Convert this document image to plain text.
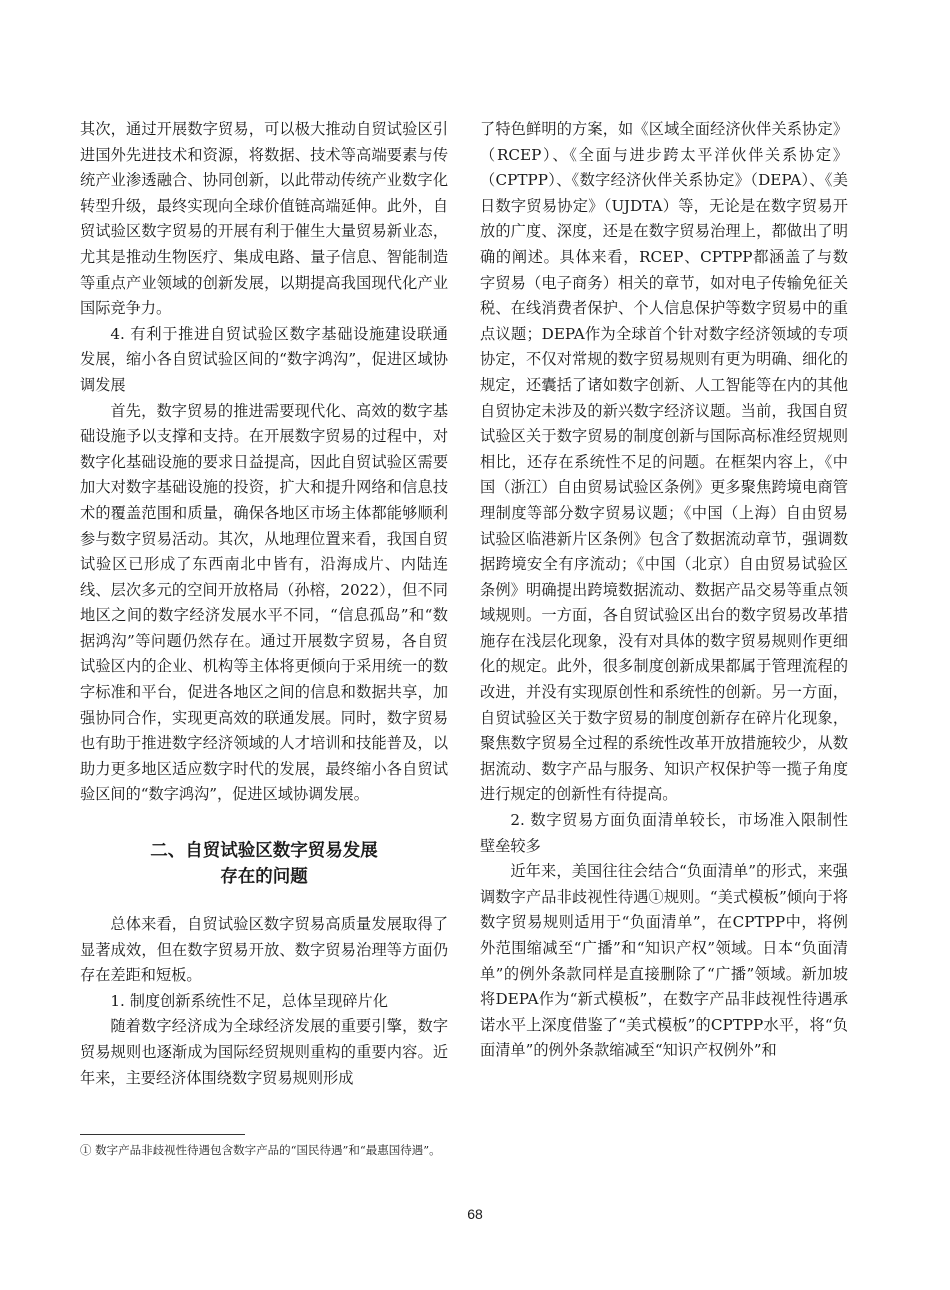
其次，通过开展数字贸易，可以极大推动自贸试验区引进国外先进技术和资源，将数据、技术等高端要素与传统产业渗透融合、协同创新，以此带动传统产业数字化转型升级，最终实现向全球价值链高端延伸。此外，自贸试验区数字贸易的开展有利于催生大量贸易新业态，尤其是推动生物医疗、集成电路、量子信息、智能制造等重点产业领域的创新发展，以期提高我国现代化产业国际竞争力。

4. 有利于推进自贸试验区数字基础设施建设联通发展，缩小各自贸试验区间的“数字鸿沟”，促进区域协调发展

首先，数字贸易的推进需要现代化、高效的数字基础设施予以支撑和支持。在开展数字贸易的过程中，对数字化基础设施的要求日益提高，因此自贸试验区需要加大对数字基础设施的投资，扩大和提升网络和信息技术的覆盖范围和质量，确保各地区市场主体都能够顺利参与数字贸易活动。其次，从地理位置来看，我国自贸试验区已形成了东西南北中皆有，沿海成片、内陆连线、层次多元的空间开放格局（孙榕，2022），但不同地区之间的数字经济发展水平不同，“信息孤岛”和“数据鸿沟”等问题仍然存在。通过开展数字贸易，各自贸试验区内的企业、机构等主体将更倾向于采用统一的数字标准和平台，促进各地区之间的信息和数据共享，加强协同合作，实现更高效的联通发展。同时，数字贸易也有助于推进数字经济领域的人才培训和技能普及，以助力更多地区适应数字时代的发展，最终缩小各自贸试验区间的“数字鸿沟”，促进区域协调发展。

二、自贸试验区数字贸易发展
存在的问题

总体来看，自贸试验区数字贸易高质量发展取得了显著成效，但在数字贸易开放、数字贸易治理等方面仍存在差距和短板。

1. 制度创新系统性不足，总体呈现碎片化

随着数字经济成为全球经济发展的重要引擎，数字贸易规则也逐渐成为国际经贸规则重构的重要内容。近年来，主要经济体围绕数字贸易规则形成

了特色鲜明的方案，如《区域全面经济伙伴关系协定》（RCEP）、《全面与进步跨太平洋伙伴关系协定》（CPTPP）、《数字经济伙伴关系协定》（DEPA）、《美日数字贸易协定》（UJDTA）等，无论是在数字贸易开放的广度、深度，还是在数字贸易治理上，都做出了明确的阐述。具体来看，RCEP、CPTPP都涵盖了与数字贸易（电子商务）相关的章节，如对电子传输免征关税、在线消费者保护、个人信息保护等数字贸易中的重点议题；DEPA作为全球首个针对数字经济领域的专项协定，不仅对常规的数字贸易规则有更为明确、细化的规定，还囊括了诸如数字创新、人工智能等在内的其他自贸协定未涉及的新兴数字经济议题。当前，我国自贸试验区关于数字贸易的制度创新与国际高标准经贸规则相比，还存在系统性不足的问题。在框架内容上，《中国（浙江）自由贸易试验区条例》更多聚焦跨境电商管理制度等部分数字贸易议题；《中国（上海）自由贸易试验区临港新片区条例》包含了数据流动章节，强调数据跨境安全有序流动；《中国（北京）自由贸易试验区条例》明确提出跨境数据流动、数据产品交易等重点领域规则。一方面，各自贸试验区出台的数字贸易改革措施存在浅层化现象，没有对具体的数字贸易规则作更细化的规定。此外，很多制度创新成果都属于管理流程的改进，并没有实现原创性和系统性的创新。另一方面，自贸试验区关于数字贸易的制度创新存在碎片化现象，聚焦数字贸易全过程的系统性改革开放措施较少，从数据流动、数字产品与服务、知识产权保护等一揽子角度进行规定的创新性有待提高。

2. 数字贸易方面负面清单较长，市场准入限制性壁垒较多

近年来，美国往往会结合“负面清单”的形式，来强调数字产品非歧视性待遇①规则。“美式模板”倾向于将数字贸易规则适用于“负面清单”，在CPTPP中，将例外范围缩减至“广播”和“知识产权”领域。日本“负面清单”的例外条款同样是直接删除了“广播”领域。新加坡将DEPA作为“新式模板”，在数字产品非歧视性待遇承诺水平上深度借鉴了“美式模板”的CPTPP水平，将“负面清单”的例外条款缩减至“知识产权例外”和

① 数字产品非歧视性待遇包含数字产品的“国民待遇”和“最惠国待遇”。
68
